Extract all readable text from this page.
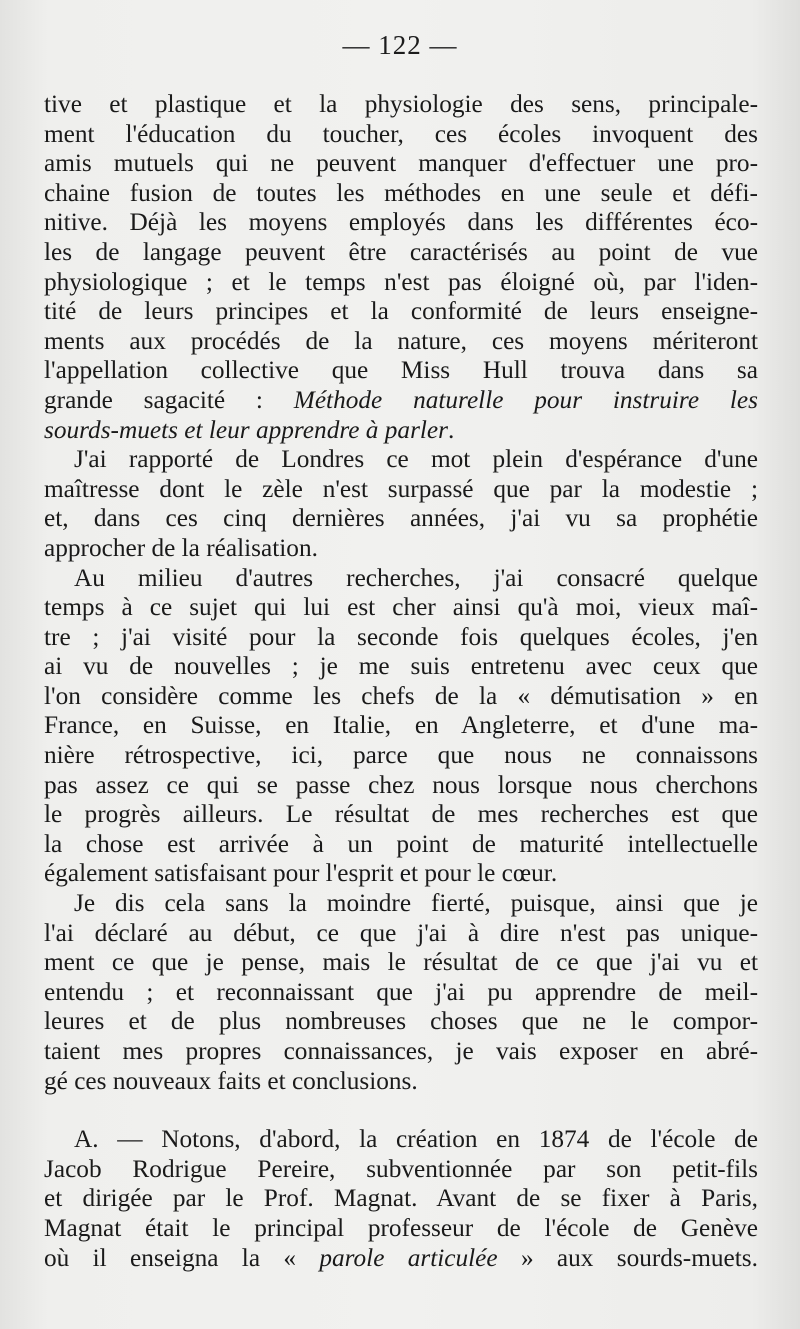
— 122 —
tive et plastique et la physiologie des sens, principale-
ment l'éducation du toucher, ces écoles invoquent des
amis mutuels qui ne peuvent manquer d'effectuer une pro-
chaine fusion de toutes les méthodes en une seule et défi-
nitive. Déjà les moyens employés dans les différentes éco-
les de langage peuvent être caractérisés au point de vue
physiologique ; et le temps n'est pas éloigné où, par l'iden-
tité de leurs principes et la conformité de leurs enseigne-
ments aux procédés de la nature, ces moyens mériteront
l'appellation collective que Miss Hull trouva dans sa
grande sagacité : Méthode naturelle pour instruire les
sourds-muets et leur apprendre à parler.
J'ai rapporté de Londres ce mot plein d'espérance d'une
maîtresse dont le zèle n'est surpassé que par la modestie ;
et, dans ces cinq dernières années, j'ai vu sa prophétie
approcher de la réalisation.
Au milieu d'autres recherches, j'ai consacré quelque
temps à ce sujet qui lui est cher ainsi qu'à moi, vieux maî-
tre ; j'ai visité pour la seconde fois quelques écoles, j'en
ai vu de nouvelles ; je me suis entretenu avec ceux que
l'on considère comme les chefs de la « démutisation » en
France, en Suisse, en Italie, en Angleterre, et d'une ma-
nière rétrospective, ici, parce que nous ne connaissons
pas assez ce qui se passe chez nous lorsque nous cherchons
le progrès ailleurs. Le résultat de mes recherches est que
la chose est arrivée à un point de maturité intellectuelle
également satisfaisant pour l'esprit et pour le cœur.
Je dis cela sans la moindre fierté, puisque, ainsi que je
l'ai déclaré au début, ce que j'ai à dire n'est pas unique-
ment ce que je pense, mais le résultat de ce que j'ai vu et
entendu ; et reconnaissant que j'ai pu apprendre de meil-
leures et de plus nombreuses choses que ne le compor-
taient mes propres connaissances, je vais exposer en abré-
gé ces nouveaux faits et conclusions.
A. — Notons, d'abord, la création en 1874 de l'école de
Jacob Rodrigue Pereire, subventionnée par son petit-fils
et dirigée par le Prof. Magnat. Avant de se fixer à Paris,
Magnat était le principal professeur de l'école de Genève
où il enseigna la « parole articulée » aux sourds-muets.
